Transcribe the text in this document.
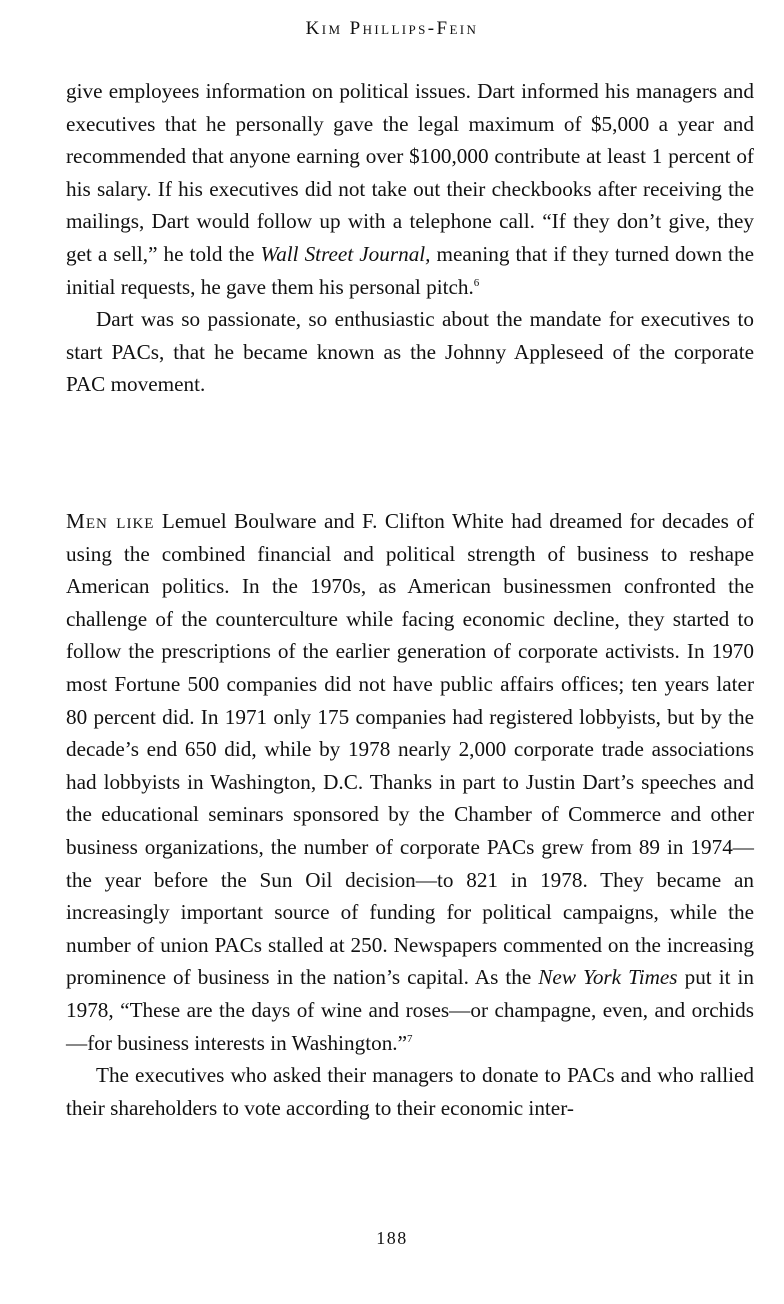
Kim Phillips-Fein

give employees information on political issues. Dart informed his managers and executives that he personally gave the legal maximum of $5,000 a year and recommended that anyone earning over $100,000 contribute at least 1 percent of his salary. If his executives did not take out their checkbooks after receiving the mailings, Dart would follow up with a telephone call. “If they don’t give, they get a sell,” he told the Wall Street Journal, meaning that if they turned down the initial requests, he gave them his personal pitch.$^6$

Dart was so passionate, so enthusiastic about the mandate for executives to start PACs, that he became known as the Johnny Appleseed of the corporate PAC movement.

Men like Lemuel Boulware and F. Clifton White had dreamed for decades of using the combined financial and political strength of business to reshape American politics. In the 1970s, as American businessmen confronted the challenge of the counterculture while facing economic decline, they started to follow the prescriptions of the earlier generation of corporate activists. In 1970 most Fortune 500 companies did not have public affairs offices; ten years later 80 percent did. In 1971 only 175 companies had registered lobbyists, but by the decade’s end 650 did, while by 1978 nearly 2,000 corporate trade associations had lobbyists in Washington, D.C. Thanks in part to Justin Dart’s speeches and the educational seminars sponsored by the Chamber of Commerce and other business organizations, the number of corporate PACs grew from 89 in 1974—the year before the Sun Oil decision—to 821 in 1978. They became an increasingly important source of funding for political campaigns, while the number of union PACs stalled at 250. Newspapers commented on the increasing prominence of business in the nation’s capital. As the New York Times put it in 1978, “These are the days of wine and roses—or champagne, even, and orchids—for business interests in Washington.”$^7$

The executives who asked their managers to donate to PACs and who rallied their shareholders to vote according to their economic inter-

188
